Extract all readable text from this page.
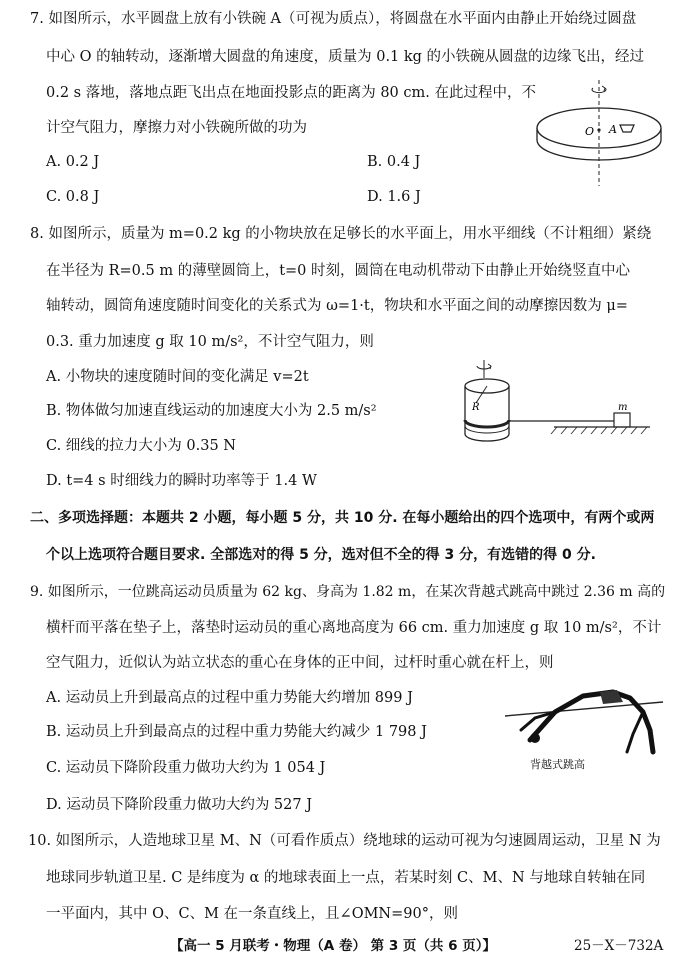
7. 如图所示，水平圆盘上放有小铁碗 A（可视为质点），将圆盘在水平面内由静止开始绕过圆盘
中心 O 的轴转动，逐渐增大圆盘的角速度，质量为 0.1 kg 的小铁碗从圆盘的边缘飞出，经过
0.2 s 落地，落地点距飞出点在地面投影点的距离为 80 cm. 在此过程中，不
计空气阻力，摩擦力对小铁碗所做的功为
A. 0.2 J	B. 0.4 J
C. 0.8 J	D. 1.6 J
O A
8. 如图所示，质量为 m=0.2 kg 的小物块放在足够长的水平面上，用水平细线（不计粗细）紧绕
在半径为 R=0.5 m 的薄壁圆筒上，t=0 时刻，圆筒在电动机带动下由静止开始绕竖直中心
轴转动，圆筒角速度随时间变化的关系式为 ω=1·t，物块和水平面之间的动摩擦因数为 μ=
0.3. 重力加速度 g 取 10 m/s²，不计空气阻力，则
A. 小物块的速度随时间的变化满足 v=2t
B. 物体做匀加速直线运动的加速度大小为 2.5 m/s²
C. 细线的拉力大小为 0.35 N
D. t=4 s 时细线力的瞬时功率等于 1.4 W
R	m
二、多项选择题：本题共 2 小题，每小题 5 分，共 10 分. 在每小题给出的四个选项中，有两个或两
个以上选项符合题目要求. 全部选对的得 5 分，选对但不全的得 3 分，有选错的得 0 分.
9. 如图所示，一位跳高运动员质量为 62 kg、身高为 1.82 m，在某次背越式跳高中跳过 2.36 m 高的
横杆而平落在垫子上，落垫时运动员的重心离地高度为 66 cm. 重力加速度 g 取 10 m/s²，不计
空气阻力，近似认为站立状态的重心在身体的正中间，过杆时重心就在杆上，则
A. 运动员上升到最高点的过程中重力势能大约增加 899 J
B. 运动员上升到最高点的过程中重力势能大约减少 1 798 J
C. 运动员下降阶段重力做功大约为 1 054 J
D. 运动员下降阶段重力做功大约为 527 J
背越式跳高
10. 如图所示，人造地球卫星 M、N（可看作质点）绕地球的运动可视为匀速圆周运动，卫星 N 为
地球同步轨道卫星. C 是纬度为 α 的地球表面上一点，若某时刻 C、M、N 与地球自转轴在同
一平面内，其中 O、C、M 在一条直线上，且∠OMN=90°，则
【高一 5 月联考・物理（A 卷） 第 3 页（共 6 页）】	25－X－732A
